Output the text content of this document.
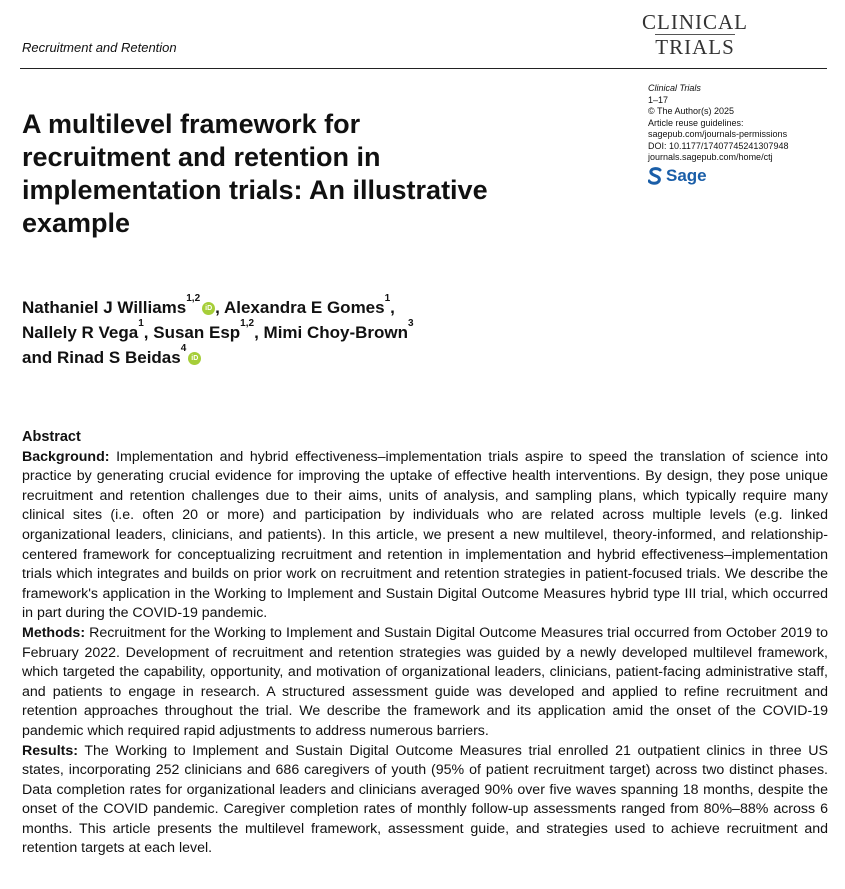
Recruitment and Retention
CLINICAL
TRIALS
A multilevel framework for recruitment and retention in implementation trials: An illustrative example
Clinical Trials
1–17
© The Author(s) 2025
Article reuse guidelines:
sagepub.com/journals-permissions
DOI: 10.1177/17407745241307948
journals.sagepub.com/home/ctj
Sage
Nathaniel J Williams$^{1,2}$iD , Alexandra E Gomes$^1$,
Nallely R Vega$^1$, Susan Esp$^{1,2}$, Mimi Choy-Brown$^3$
and Rinad S Beidas$^4$iD
Abstract

Background: Implementation and hybrid effectiveness–implementation trials aspire to speed the translation of science into practice by generating crucial evidence for improving the uptake of effective health interventions. By design, they pose unique recruitment and retention challenges due to their aims, units of analysis, and sampling plans, which typically require many clinical sites (i.e. often 20 or more) and participation by individuals who are related across multiple levels (e.g. linked organizational leaders, clinicians, and patients). In this article, we present a new multilevel, theory-informed, and relationship-centered framework for conceptualizing recruitment and retention in implementation and hybrid effectiveness–implementation trials which integrates and builds on prior work on recruitment and retention strategies in patient-focused trials. We describe the framework's application in the Working to Implement and Sustain Digital Outcome Measures hybrid type III trial, which occurred in part during the COVID-19 pandemic.

Methods: Recruitment for the Working to Implement and Sustain Digital Outcome Measures trial occurred from October 2019 to February 2022. Development of recruitment and retention strategies was guided by a newly developed multilevel framework, which targeted the capability, opportunity, and motivation of organizational leaders, clinicians, patient-facing administrative staff, and patients to engage in research. A structured assessment guide was developed and applied to refine recruitment and retention approaches throughout the trial. We describe the framework and its application amid the onset of the COVID-19 pandemic which required rapid adjustments to address numerous barriers.

Results: The Working to Implement and Sustain Digital Outcome Measures trial enrolled 21 outpatient clinics in three US states, incorporating 252 clinicians and 686 caregivers of youth (95% of patient recruitment target) across two distinct phases. Data completion rates for organizational leaders and clinicians averaged 90% over five waves spanning 18 months, despite the onset of the COVID pandemic. Caregiver completion rates of monthly follow-up assessments ranged from 80%–88% across 6 months. This article presents the multilevel framework, assessment guide, and strategies used to achieve recruitment and retention targets at each level.
